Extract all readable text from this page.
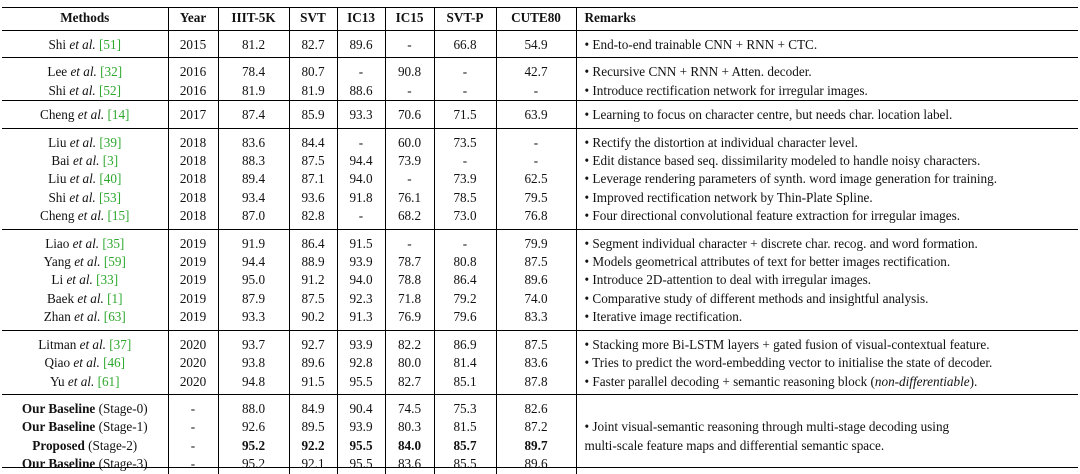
Methods	Year	IIIT-5K	SVT	IC13	IC15	SVT-P	CUTE80	Remarks
Shi et al. [51]	2015	81.2	82.7	89.6	-	66.8	54.9	• End-to-end trainable CNN + RNN + CTC.
Lee et al. [32]	2016	78.4	80.7	-	90.8	-	42.7	• Recursive CNN + RNN + Atten. decoder.
Shi et al. [52]	2016	81.9	81.9	88.6	-	-	-	• Introduce rectification network for irregular images.
Cheng et al. [14]	2017	87.4	85.9	93.3	70.6	71.5	63.9	• Learning to focus on character centre, but needs char. location label.
Liu et al. [39]	2018	83.6	84.4	-	60.0	73.5	-	• Rectify the distortion at individual character level.
Bai et al. [3]	2018	88.3	87.5	94.4	73.9	-	-	• Edit distance based seq. dissimilarity modeled to handle noisy characters.
Liu et al. [40]	2018	89.4	87.1	94.0	-	73.9	62.5	• Leverage rendering parameters of synth. word image generation for training.
Shi et al. [53]	2018	93.4	93.6	91.8	76.1	78.5	79.5	• Improved rectification network by Thin-Plate Spline.
Cheng et al. [15]	2018	87.0	82.8	-	68.2	73.0	76.8	• Four directional convolutional feature extraction for irregular images.
Liao et al. [35]	2019	91.9	86.4	91.5	-	-	79.9	• Segment individual character + discrete char. recog. and word formation.
Yang et al. [59]	2019	94.4	88.9	93.9	78.7	80.8	87.5	• Models geometrical attributes of text for better images rectification.
Li et al. [33]	2019	95.0	91.2	94.0	78.8	86.4	89.6	• Introduce 2D-attention to deal with irregular images.
Baek et al. [1]	2019	87.9	87.5	92.3	71.8	79.2	74.0	• Comparative study of different methods and insightful analysis.
Zhan et al. [63]	2019	93.3	90.2	91.3	76.9	79.6	83.3	• Iterative image rectification.
Litman et al. [37]	2020	93.7	92.7	93.9	82.2	86.9	87.5	• Stacking more Bi-LSTM layers + gated fusion of visual-contextual feature.
Qiao et al. [46]	2020	93.8	89.6	92.8	80.0	81.4	83.6	• Tries to predict the word-embedding vector to initialise the state of decoder.
Yu et al. [61]	2020	94.8	91.5	95.5	82.7	85.1	87.8	• Faster parallel decoding + semantic reasoning block (non-differentiable).
Our Baseline (Stage-0)	-	88.0	84.9	90.4	74.5	75.3	82.6	• Joint visual-semantic reasoning through multi-stage decoding using
multi-scale feature maps and differential semantic space.

Our Baseline (Stage-1)	-	92.6	89.5	93.9	80.3	81.5	87.2	
Proposed (Stage-2)	-	95.2	92.2	95.5	84.0	85.7	89.7	
Our Baseline (Stage-3)	-	95.2	92.1	95.5	83.6	85.5	89.6	
